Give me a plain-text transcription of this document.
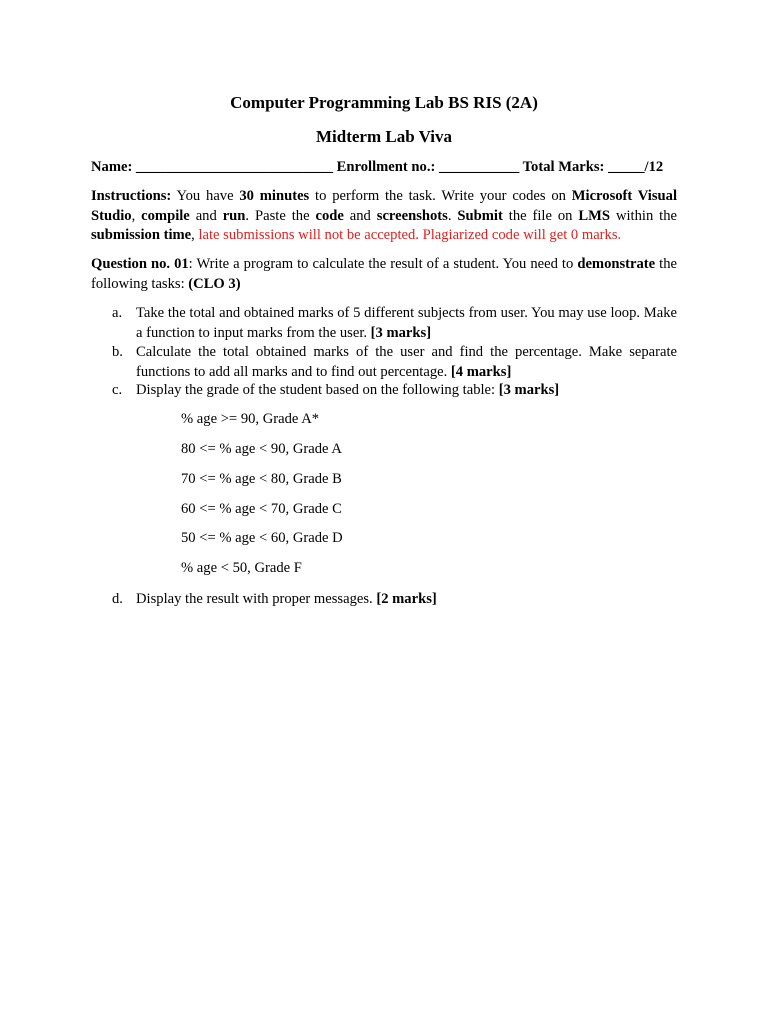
Computer Programming Lab BS RIS (2A)
Midterm Lab Viva
Name: ___________________________ Enrollment no.: ___________ Total Marks: _____/12
Instructions: You have 30 minutes to perform the task. Write your codes on Microsoft Visual Studio, compile and run. Paste the code and screenshots. Submit the file on LMS within the submission time, late submissions will not be accepted. Plagiarized code will get 0 marks.
Question no. 01: Write a program to calculate the result of a student. You need to demonstrate the following tasks: (CLO 3)
a. Take the total and obtained marks of 5 different subjects from user. You may use loop. Make a function to input marks from the user. [3 marks]
b. Calculate the total obtained marks of the user and find the percentage. Make separate functions to add all marks and to find out percentage. [4 marks]
c. Display the grade of the student based on the following table: [3 marks]
% age >= 90, Grade A*
80 <= % age < 90, Grade A
70 <= % age < 80, Grade B
60 <= % age < 70, Grade C
50 <= % age < 60, Grade D
% age < 50, Grade F
d. Display the result with proper messages. [2 marks]
